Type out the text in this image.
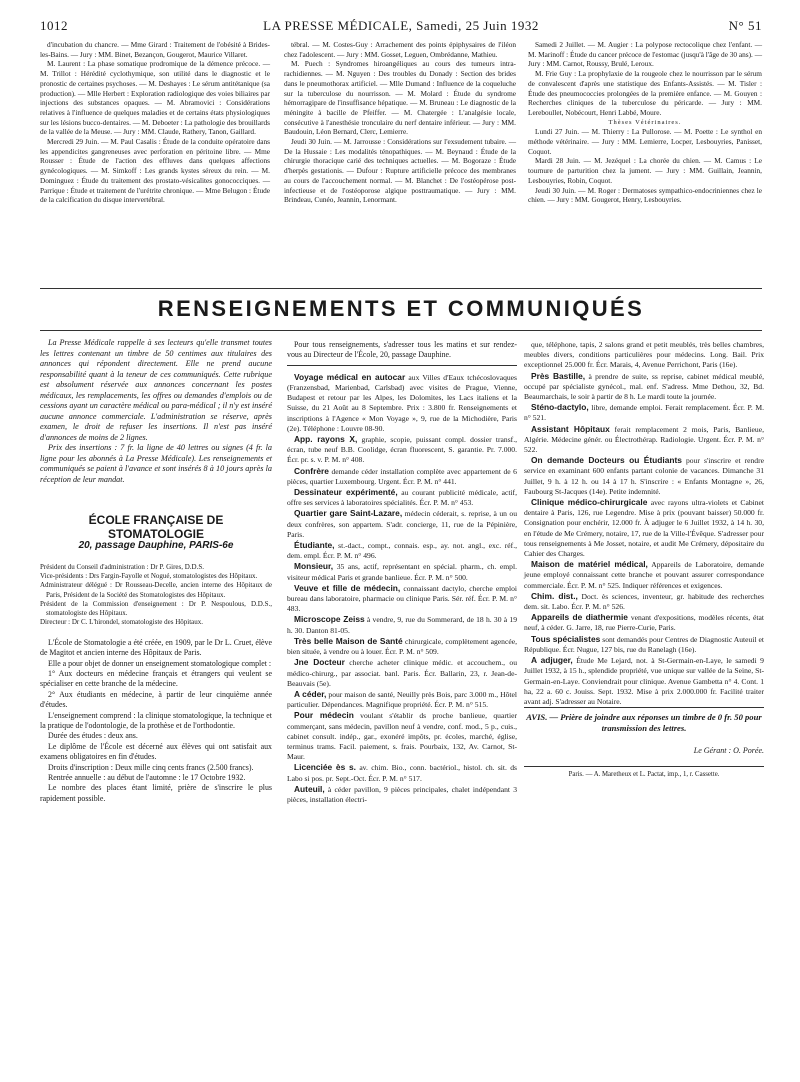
1012	LA PRESSE MÉDICALE, Samedi, 25 Juin 1932	N° 51

d'incubation du chancre. — Mme Girard : Traitement de l'obésité à Brides-les-Bains. — Jury : MM. Binet, Bezançon, Gougerot, Maurice Villaret.

M. Laurent : La phase somatique prodromique de la démence précoce. — M. Trillot : Hérédité cyclothymique, son utilité dans le diagnostic et le pronostic de certaines psychoses. — M. Deshayes : Le sérum antitétanique (sa production). — Mlle Herbert : Exploration radiologique des voies biliaires par injections des substances opaques. — M. Abramovici : Considérations relatives à l'influence de quelques maladies et de certains états physiologiques sur les lésions bucco-dentaires. — M. Deboeter : La pathologie des brouillards de la vallée de la Meuse. — Jury : MM. Claude, Rathery, Tanon, Gaillard.

Mercredi 29 Juin. — M. Paul Casalis : Étude de la conduite opératoire dans les appendicites gangreneuses avec perforation en péritoine libre. — Mme Rousser : Étude de l'action des effluves dans quelques affections gynécologiques. — M. Simkoff : Les grands kystes séreux du rein. — M. Dominguez : Étude du traitement des prostato-vésicalites gonococciques. — Parrique : Étude et traitement de l'urétrite chronique. — Mme Belugon : Étude de la calcification du disque intervertébral.

tébral. — M. Costes-Guy : Arrachement des points épiphysaires de l'iléon chez l'adolescent. — Jury : MM. Gosset, Leguen, Ombrédanne, Mathieu.

M. Puech : Syndromes hiroangéliques au cours des tumeurs intra-rachidiennes. — M. Nguyen : Des troubles du Donady : Section des brides dans le pneumothorax artificiel. — Mlle Dumand : Influence de la coqueluche sur la tuberculose du nourrisson. — M. Molard : Étude du syndrome hémorragipare de l'insuffisance hépatique. — M. Bruneau : Le diagnostic de la méningite à bacille de Pfeiffer. — M. Chatergée : L'analgésie locale, consécutive à l'anesthésie tronculaire du nerf dentaire inférieur. — Jury : MM. Baudouin, Léon Bernard, Clerc, Lemierre.

Jeudi 30 Juin. — M. Jarrousse : Considérations sur l'exsudement tubaire. — De la Hussaie : Les modalités ténopathiques. — M. Beynaud : Étude de la chirurgie thoracique carié des techniques actuelles. — M. Bogoraze : Étude d'herpès gestationis. — Dufour : Rupture artificielle précoce des membranes au cours de l'accouchement normal. — M. Blanchet : De l'ostéopérose post-infectieuse et de l'ostéoporose algique posttraumatique. — Jury : MM. Brindeau, Cunéo, Jeannin, Lenormant.

Samedi 2 Juillet. — M. Augier : La polypose rectocolique chez l'enfant. — M. Marinoff : Étude du cancer précoce de l'estomac (jusqu'à l'âge de 30 ans). — Jury : MM. Carnot, Roussy, Brulé, Leroux.

M. Frie Guy : La prophylaxie de la rougeole chez le nourrisson par le sérum de convalescent d'après une statistique des Enfants-Assistés. — M. Tisler : Étude des pneumococcies prolongées de la première enfance. — M. Gouyen : Recherches cliniques de la tuberculose du péricarde. — Jury : MM. Lereboullet, Nobécourt, Henri Labbé, Moure.

Thèses Vétérinaires.

Lundi 27 Juin. — M. Thierry : La Pullorose. — M. Poette : Le synthol en méthode vétérinaire. — Jury : MM. Lemierre, Locper, Lesbouyries, Panisset, Coquot.

Mardi 28 Juin. — M. Jezéquel : La chorée du chien. — M. Camus : Le tournure de parturition chez la jument. — Jury : MM. Guillain, Jeannin, Lesbouyries, Robin, Coquot.

Jeudi 30 Juin. — M. Roger : Dermatoses sympathico-endocriniennes chez le chien. — Jury : MM. Gougerot, Henry, Lesbouyries.

RENSEIGNEMENTS ET COMMUNIQUÉS

La Presse Médicale rappelle à ses lecteurs qu'elle transmet toutes les lettres contenant un timbre de 50 centimes aux titulaires des annonces qui répondent directement. Elle ne prend aucune responsabilité quant à la teneur de ces communiqués. Cette rubrique est absolument réservée aux annonces concernant les postes médicaux, les remplacements, les offres ou demandes d'emplois ou de cessions ayant un caractère médical ou para-médical ; il n'y est inséré aucune annonce commerciale. L'administration se réserve, après examen, le droit de refuser les insertions. Il n'est pas inséré d'annonces de moins de 2 lignes.

Prix des insertions : 7 fr. la ligne de 40 lettres ou signes (4 fr. la ligne pour les abonnés à La Presse Médicale). Les renseignements et communiqués se paient à l'avance et sont insérés 8 à 10 jours après la réception de leur mandat.

ÉCOLE FRANÇAISE DE STOMATOLOGIE
20, passage Dauphine, PARIS-6e

Président du Conseil d'administration : Dr P. Gires, D.D.S.

Vice-présidents : Drs Fargin-Fayolle et Nogué, stomatologistes des Hôpitaux.

Administrateur délégué : Dr Rousseau-Decelle, ancien interne des Hôpitaux de Paris, Président de la Société des Stomatologistes des Hôpitaux.

Président de la Commission d'enseignement : Dr P. Nespoulous, D.D.S., stomatologiste des Hôpitaux.

Directeur : Dr C. L'hirondel, stomatologiste des Hôpitaux.

L'École de Stomatologie a été créée, en 1909, par le Dr L. Cruet, élève de Magitot et ancien interne des Hôpitaux de Paris.

Elle a pour objet de donner un enseignement stomatologique complet :

1° Aux docteurs en médecine français et étrangers qui veulent se spécialiser en cette branche de la médecine.

2° Aux étudiants en médecine, à partir de leur cinquième année d'études.

L'enseignement comprend : la clinique stomatologique, la technique et la pratique de l'odontologie, de la prothèse et de l'orthodontie.

Durée des études : deux ans.

Le diplôme de l'École est décerné aux élèves qui ont satisfait aux examens obligatoires en fin d'études.

Droits d'inscription : Deux mille cinq cents francs (2.500 francs).

Rentrée annuelle : au début de l'automne : le 17 Octobre 1932.

Le nombre des places étant limité, prière de s'inscrire le plus rapidement possible.

Pour tous renseignements, s'adresser tous les matins et sur rendez-vous au Directeur de l'École, 20, passage Dauphine.

Voyage médical en autocar aux Villes d'Eaux tchécoslovaques (Franzensbad, Marienbad, Carlsbad) avec visites de Prague, Vienne, Budapest et retour par les Alpes, les Dolomites, les Lacs italiens et la Suisse, du 21 Août au 8 Septembre. Prix : 3.800 fr. Renseignements et inscriptions à l'Agence « Mon Voyage », 9, rue de la Michodière, Paris (2e). Téléphone : Louvre 08-90.

App. rayons X, graphie, scopie, puissant compl. dossier transf., écran, tube neuf B.B. Coolidge, écran fluorescent, S. garantie. Pr. 7.000. Écr. pr. s. v. P. M. n° 408.

Confrère demande céder installation complète avec appartement de 6 pièces, quartier Luxembourg. Urgent. Écr. P. M. n° 441.

Dessinateur expérimenté, au courant publicité médicale, actif, offre ses services à laboratoires spécialités. Écr. P. M. n° 453.

Quartier gare Saint-Lazare, médecin céderait, s. reprise, à un ou deux confrères, son appartem. S'adr. concierge, 11, rue de la Pépinière, Paris.

Étudiante, st.-dact., compt., connais. esp., ay. not. angl., exc. réf., dem. empl. Écr. P. M. n° 496.

Monsieur, 35 ans, actif, représentant en spécial. pharm., ch. empl. visiteur médical Paris et grande banlieue. Écr. P. M. n° 500.

Veuve et fille de médecin, connaissant dactylo, cherche emploi bureau dans laboratoire, pharmacie ou clinique Paris. Sér. réf. Écr. P. M. n° 483.

Microscope Zeiss à vendre, 9, rue du Sommerard, de 18 h. 30 à 19 h. 30. Danton 81-05.

Très belle Maison de Santé chirurgicale, complètement agencée, bien située, à vendre ou à louer. Écr. P. M. n° 509.

Jne Docteur cherche acheter clinique médic. et accouchem., ou médico-chirurg., par associat. banl. Paris. Écr. Ballarin, 23, r. Jean-de-Beauvais (5e).

A céder, pour maison de santé, Neuilly près Bois, parc 3.000 m., Hôtel particulier. Dépendances. Magnifique propriété. Écr. P. M. n° 515.

Pour médecin voulant s'établir ds proche banlieue, quartier commerçant, sans médecin, pavillon neuf à vendre, conf. mod., 5 p., cuis., cabinet consult. indép., gar., exonéré impôts, pr. écoles, marché, église, terminus trams. Facil. paiement, s. frais. Pourbaix, 132, Av. Carnot, St-Maur.

Licenciée ès s. av. chim. Bio., conn. bactériol., histol. ch. sit. ds Labo si pos. pr. Sept.-Oct. Écr. P. M. n° 517.

Auteuil, à céder pavillon, 9 pièces principales, chalet indépendant 3 pièces, installation électri-

que, téléphone, tapis, 2 salons grand et petit meublés, très belles chambres, meubles divers, conditions particulières pour médecins. Long. Bail. Prix exceptionnel 25.000 fr. Écr. Marais, 4, Avenue Perrichont, Paris (16e).

Près Bastille, à prendre de suite, ss reprise, cabinet médical meublé, occupé par spécialiste gynécol., mal. enf. S'adress. Mme Dethou, 32, Bd. Beaumarchais, le soir à partir de 8 h. Le mardi toute la journée.

Sténo-dactylo, libre, demande emploi. Ferait remplacement. Écr. P. M. n° 521.

Assistant Hôpitaux ferait remplacement 2 mois, Paris, Banlieue, Algérie. Médecine génér. ou Électrothérap. Radiologie. Urgent. Écr. P. M. n° 522.

On demande Docteurs ou Étudiants pour s'inscrire et rendre service en examinant 600 enfants partant colonie de vacances. Dimanche 31 Juillet, 9 h. à 12 h. ou 14 à 17 h. S'inscrire : « Enfants Montagne », 26, Faubourg St-Jacques (14e). Petite indemnité.

Clinique médico-chirurgicale avec rayons ultra-violets et Cabinet dentaire à Paris, 126, rue Legendre. Mise à prix (pouvant baisser) 50.000 fr. Consignation pour enchérir, 12.000 fr. À adjuger le 6 Juillet 1932, à 14 h. 30, en l'étude de Me Crémery, notaire, 17, rue de la Ville-l'Évêque. S'adresser pour tous renseignements à Me Josset, notaire, et audit Me Crémery, dépositaire du Cahier des Charges.

Maison de matériel médical, Appareils de Laboratoire, demande jeune employé connaissant cette branche et pouvant assurer correspondance commerciale. Écr. P. M. n° 525. Indiquer références et exigences.

Chim. dist., Doct. ès sciences, inventeur, gr. habitude des recherches dem. sit. Labo. Écr. P. M. n° 526.

Appareils de diathermie venant d'expositions, modèles récents, état neuf, à céder. G. Jarre, 18, rue Pierre-Curie, Paris.

Tous spécialistes sont demandés pour Centres de Diagnostic Auteuil et République. Écr. Nugue, 127 bis, rue du Ranelagh (16e).

A adjuger, Étude Me Lejard, not. à St-Germain-en-Laye, le samedi 9 Juillet 1932, à 15 h., splendide propriété, vue unique sur vallée de la Seine, St-Germain-en-Laye. Conviendrait pour clinique. Avenue Gambetta n° 4. Cont. 1 ha, 22 a. 60 c. Jouiss. Sept. 1932. Mise à prix 2.000.000 fr. Facilité traiter avant adj. S'adresser au Notaire.

AVIS. — Prière de joindre aux réponses un timbre de 0 fr. 50 pour transmission des lettres.
Le Gérant : O. Porée.
Paris. — A. Maretheux et L. Pactat, imp., 1, r. Cassette.
